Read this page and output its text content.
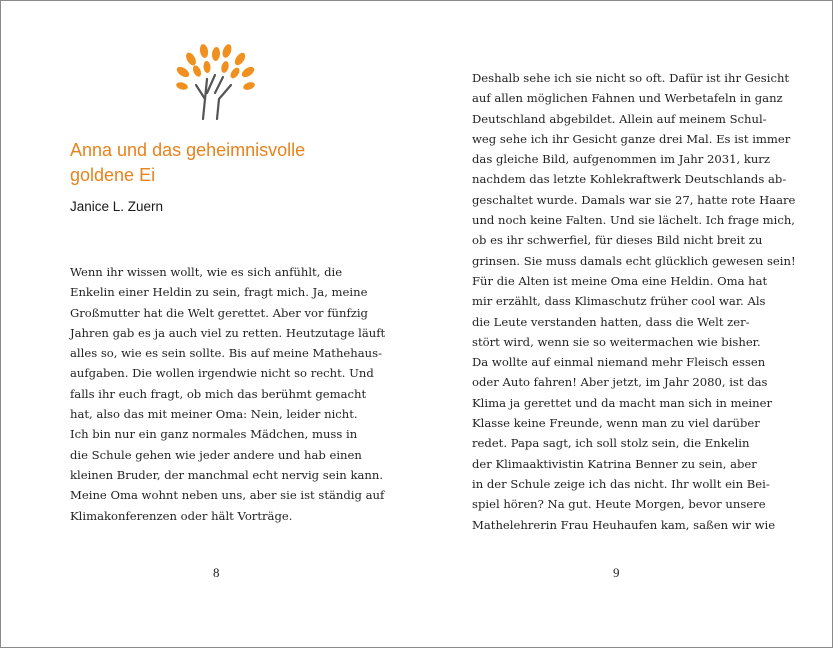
Anna und das geheimnisvolle
goldene Ei
Janice L. Zuern
Wenn ihr wissen wollt, wie es sich anfühlt, die
Enkelin einer Heldin zu sein, fragt mich. Ja, meine
Großmutter hat die Welt gerettet. Aber vor fünfzig
Jahren gab es ja auch viel zu retten. Heutzutage läuft
alles so, wie es sein sollte. Bis auf meine Mathehaus-
aufgaben. Die wollen irgendwie nicht so recht. Und
falls ihr euch fragt, ob mich das berühmt gemacht
hat, also das mit meiner Oma: Nein, leider nicht.
Ich bin nur ein ganz normales Mädchen, muss in
die Schule gehen wie jeder andere und hab einen
kleinen Bruder, der manchmal echt nervig sein kann.
Meine Oma wohnt neben uns, aber sie ist ständig auf
Klimakonferenzen oder hält Vorträge.
8
Deshalb sehe ich sie nicht so oft. Dafür ist ihr Gesicht
auf allen möglichen Fahnen und Werbetafeln in ganz
Deutschland abgebildet. Allein auf meinem Schul-
weg sehe ich ihr Gesicht ganze drei Mal. Es ist immer
das gleiche Bild, aufgenommen im Jahr 2031, kurz
nachdem das letzte Kohlekraftwerk Deutschlands ab-
geschaltet wurde. Damals war sie 27, hatte rote Haare
und noch keine Falten. Und sie lächelt. Ich frage mich,
ob es ihr schwerfiel, für dieses Bild nicht breit zu
grinsen. Sie muss damals echt glücklich gewesen sein!
Für die Alten ist meine Oma eine Heldin. Oma hat
mir erzählt, dass Klimaschutz früher cool war. Als
die Leute verstanden hatten, dass die Welt zer-
stört wird, wenn sie so weitermachen wie bisher.
Da wollte auf einmal niemand mehr Fleisch essen
oder Auto fahren! Aber jetzt, im Jahr 2080, ist das
Klima ja gerettet und da macht man sich in meiner
Klasse keine Freunde, wenn man zu viel darüber
redet. Papa sagt, ich soll stolz sein, die Enkelin
der Klimaaktivistin Katrina Benner zu sein, aber
in der Schule zeige ich das nicht. Ihr wollt ein Bei-
spiel hören? Na gut. Heute Morgen, bevor unsere
Mathelehrerin Frau Heuhaufen kam, saßen wir wie
9
